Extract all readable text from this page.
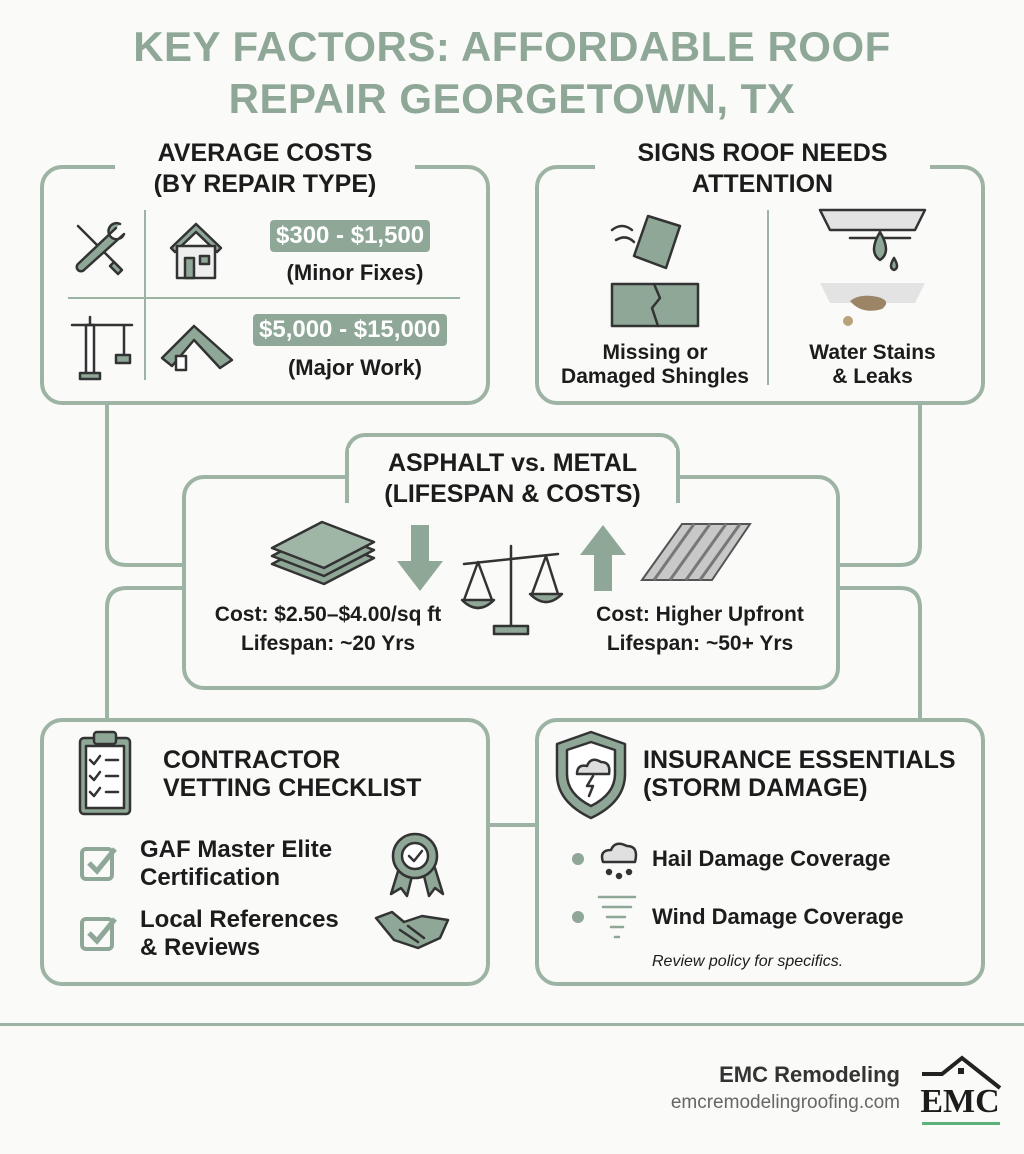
KEY FACTORS: AFFORDABLE ROOF
REPAIR GEORGETOWN, TX
AVERAGE COSTS
(BY REPAIR TYPE)
$300 - $1,500
(Minor Fixes)
$5,000 - $15,000
(Major Work)
SIGNS ROOF NEEDS
ATTENTION
Missing or
Damaged Shingles
Water Stains
& Leaks
ASPHALT vs. METAL
(LIFESPAN & COSTS)
Cost: $2.50–$4.00/sq ft
Lifespan: ~20 Yrs
Cost: Higher Upfront
Lifespan: ~50+ Yrs
CONTRACTOR
VETTING CHECKLIST
GAF Master Elite
Certification
Local References
& Reviews
INSURANCE ESSENTIALS
(STORM DAMAGE)
Hail Damage Coverage
Wind Damage Coverage
Review policy for specifics.
EMC Remodeling
emcremodelingroofing.com EMC
